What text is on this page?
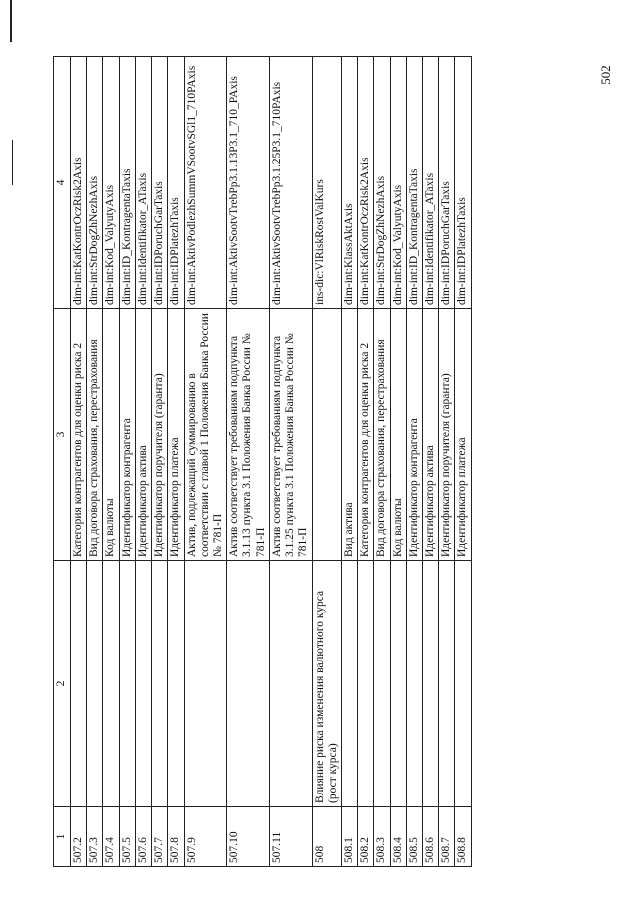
502
1	2	3	4
507.2		Категория контрагентов для оценки риска 2	dim-int:KatKontrOczRisk2Axis
507.3		Вид договора страхования, перестрахования	dim-int:StrDogZhNezhAxis
507.4		Код валюты	dim-int:Kod_ValyutyAxis
507.5		Идентификатор контрагента	dim-int:ID_KontragentaTaxis
507.6		Идентификатор актива	dim-int:Identifikator_ATaxis
507.7		Идентификатор поручителя (гаранта)	dim-int:IDPoruchGarTaxis
507.8		Идентификатор платежа	dim-int:IDPlatezhTaxis
507.9		Актив, подлежащий суммированию в соответствии с главой 1 Положения Банка России № 781-П	dim-int:AktivPodlezhSummVSootvSGl1_710PAxis
507.10		Актив соответствует требованиям подпункта 3.1.13 пункта 3.1 Положения Банка России № 781-П	dim-int:AktivSootvTrebPp3.1.13P3.1_710_PAxis
507.11		Актив соответствует требованиям подпункта 3.1.25 пункта 3.1 Положения Банка России № 781-П	dim-int:AktivSootvTrebPp3.1.25P3.1_710PAxis
508	Влияние риска изменения валютного курса (рост курса)		ins-dic:VlRiskRostValKurs
508.1		Вид актива	dim-int:KlassAktAxis
508.2		Категория контрагентов для оценки риска 2	dim-int:KatKontrOczRisk2Axis
508.3		Вид договора страхования, перестрахования	dim-int:StrDogZhNezhAxis
508.4		Код валюты	dim-int:Kod_ValyutyAxis
508.5		Идентификатор контрагента	dim-int:ID_KontragentaTaxis
508.6		Идентификатор актива	dim-int:Identifikator_ATaxis
508.7		Идентификатор поручителя (гаранта)	dim-int:IDPoruchGarTaxis
508.8		Идентификатор платежа	dim-int:IDPlatezhTaxis
